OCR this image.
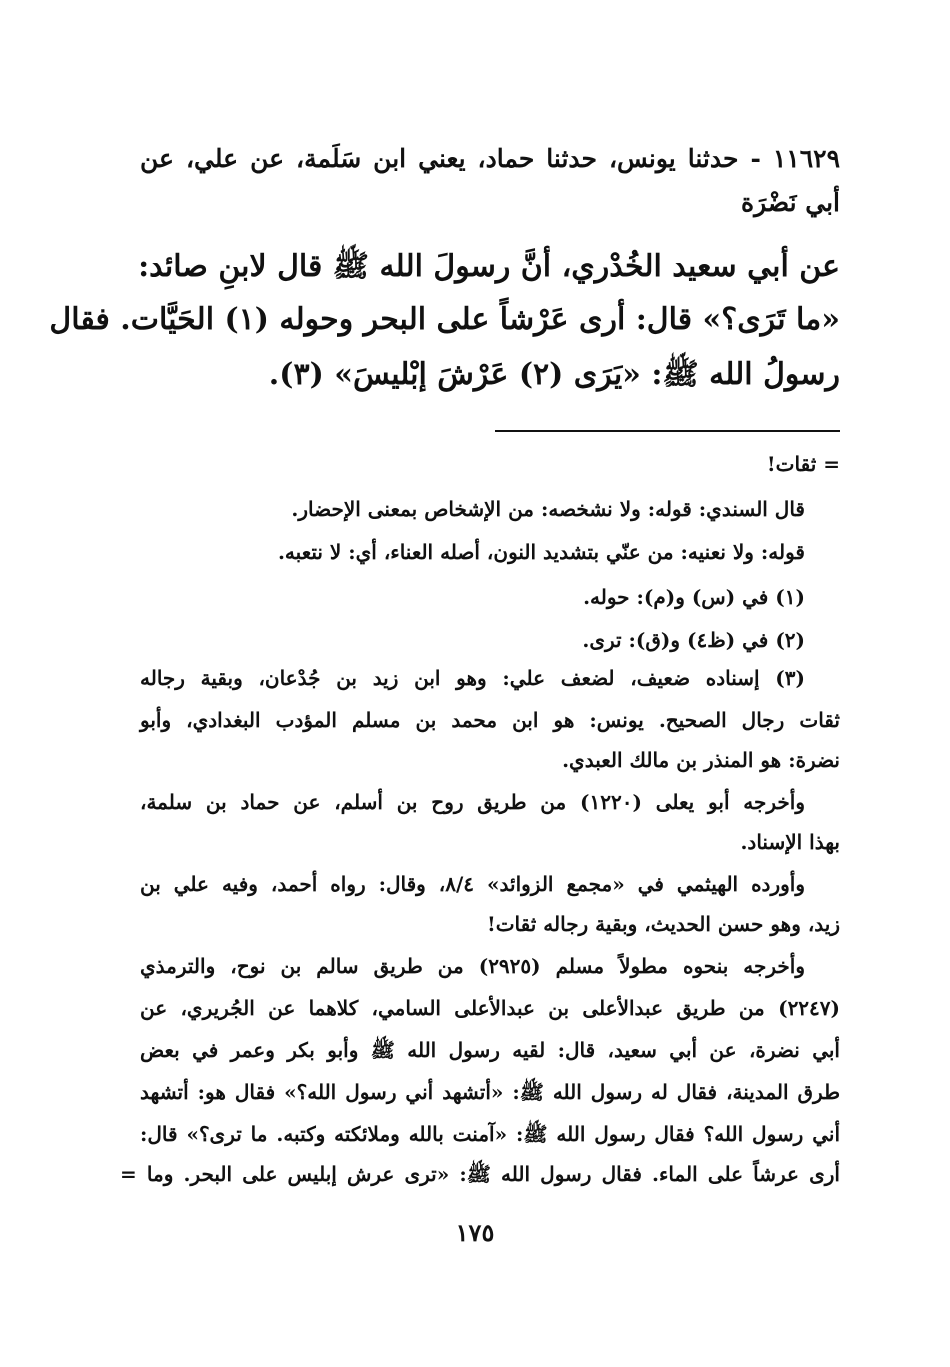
١١٦٢٩ - حدثنا يونس، حدثنا حماد، يعني ابن سَلَمة، عن علي، عن
أبي نَضْرَة
عن أبي سعيد الخُدْري، أنَّ رسولَ الله ﷺ قال لابنِ صائد:
«ما تَرَى؟» قال: أرى عَرْشاً على البحر وحوله (١) الحَيَّات. فقال
رسولُ الله ﷺ: «يَرَى (٢) عَرْشَ إبْليسَ» (٣).
= ثقات!
قال السندي: قوله: ولا نشخصه: من الإشخاص بمعنى الإحضار.
قوله: ولا نعنيه: من عنّي بتشديد النون، أصله العناء، أي: لا نتعبه.
(١) في (س) و(م): حوله.
(٢) في (ظ٤) و(ق): ترى.
(٣) إسناده ضعيف، لضعف علي: وهو ابن زيد بن جُدْعان، وبقية رجاله
ثقات رجال الصحيح. يونس: هو ابن محمد بن مسلم المؤدب البغدادي، وأبو
نضرة: هو المنذر بن مالك العبدي.
وأخرجه أبو يعلى (١٢٢٠) من طريق روح بن أسلم، عن حماد بن سلمة،
بهذا الإسناد.
وأورده الهيثمي في «مجمع الزوائد» ٨/٤، وقال: رواه أحمد، وفيه علي بن
زيد، وهو حسن الحديث، وبقية رجاله ثقات!
وأخرجه بنحوه مطولاً مسلم (٢٩٢٥) من طريق سالم بن نوح، والترمذي
(٢٢٤٧) من طريق عبدالأعلى بن عبدالأعلى السامي، كلاهما عن الجُريري، عن
أبي نضرة، عن أبي سعيد، قال: لقيه رسول الله ﷺ وأبو بكر وعمر في بعض
طرق المدينة، فقال له رسول الله ﷺ: «أتشهد أني رسول الله؟» فقال هو: أتشهد
أني رسول الله؟ فقال رسول الله ﷺ: «آمنت بالله وملائكته وكتبه. ما ترى؟» قال:
أرى عرشاً على الماء. فقال رسول الله ﷺ: «ترى عرش إبليس على البحر. وما =
١٧٥
